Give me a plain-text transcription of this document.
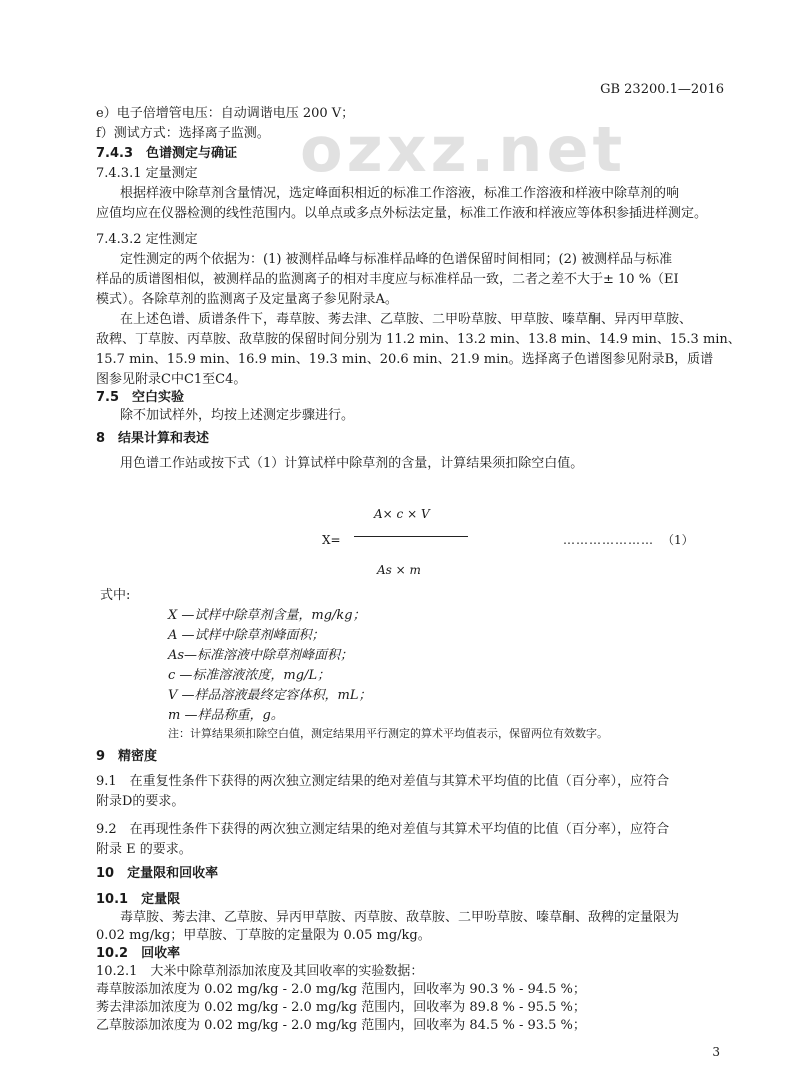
ozxz.net
GB 23200.1—2016
e）电子倍增管电压：自动调谐电压 200 V；
f）测试方式：选择离子监测。
7.4.3　色谱测定与确证
7.4.3.1 定量测定
根据样液中除草剂含量情况，选定峰面积相近的标准工作溶液，标准工作溶液和样液中除草剂的响
应值均应在仪器检测的线性范围内。以单点或多点外标法定量，标准工作液和样液应等体积参插进样测定。
7.4.3.2 定性测定
定性测定的两个依据为：(1) 被测样品峰与标准样品峰的色谱保留时间相同；(2) 被测样品与标准
样品的质谱图相似，被测样品的监测离子的相对丰度应与标准样品一致，二者之差不大于± 10 %（EI
模式）。各除草剂的监测离子及定量离子参见附录A。
在上述色谱、质谱条件下，毒草胺、莠去津、乙草胺、二甲吩草胺、甲草胺、嗪草酮、异丙甲草胺、
敌稗、丁草胺、丙草胺、敌草胺的保留时间分别为 11.2 min、13.2 min、13.8 min、14.9 min、15.3 min、
15.7 min、15.9 min、16.9 min、19.3 min、20.6 min、21.9 min。选择离子色谱图参见附录B，质谱
图参见附录C中C1至C4。
7.5　空白实验
除不加试样外，均按上述测定步骤进行。
8　结果计算和表述
用色谱工作站或按下式（1）计算试样中除草剂的含量，计算结果须扣除空白值。
式中:
X —试样中除草剂含量，mg/kg；
A —试样中除草剂峰面积；
As—标准溶液中除草剂峰面积；
c —标准溶液浓度，mg/L；
V —样品溶液最终定容体积，mL；
m —样品称重，g。
注：计算结果须扣除空白值，测定结果用平行测定的算术平均值表示，保留两位有效数字。
9　精密度
9.1　在重复性条件下获得的两次独立测定结果的绝对差值与其算术平均值的比值（百分率），应符合
附录D的要求。
9.2　在再现性条件下获得的两次独立测定结果的绝对差值与其算术平均值的比值（百分率），应符合
附录 E 的要求。
10　定量限和回收率
10.1　定量限
毒草胺、莠去津、乙草胺、异丙甲草胺、丙草胺、敌草胺、二甲吩草胺、嗪草酮、敌稗的定量限为
0.02 mg/kg；甲草胺、丁草胺的定量限为 0.05 mg/kg。
10.2　回收率
10.2.1　大米中除草剂添加浓度及其回收率的实验数据：
毒草胺添加浓度为 0.02 mg/kg - 2.0 mg/kg 范围内，回收率为 90.3 % - 94.5 %；
莠去津添加浓度为 0.02 mg/kg - 2.0 mg/kg 范围内，回收率为 89.8 % - 95.5 %；
乙草胺添加浓度为 0.02 mg/kg - 2.0 mg/kg 范围内，回收率为 84.5 % - 93.5 %；
A× c × V
X=	………………… （1）
As × m
3
